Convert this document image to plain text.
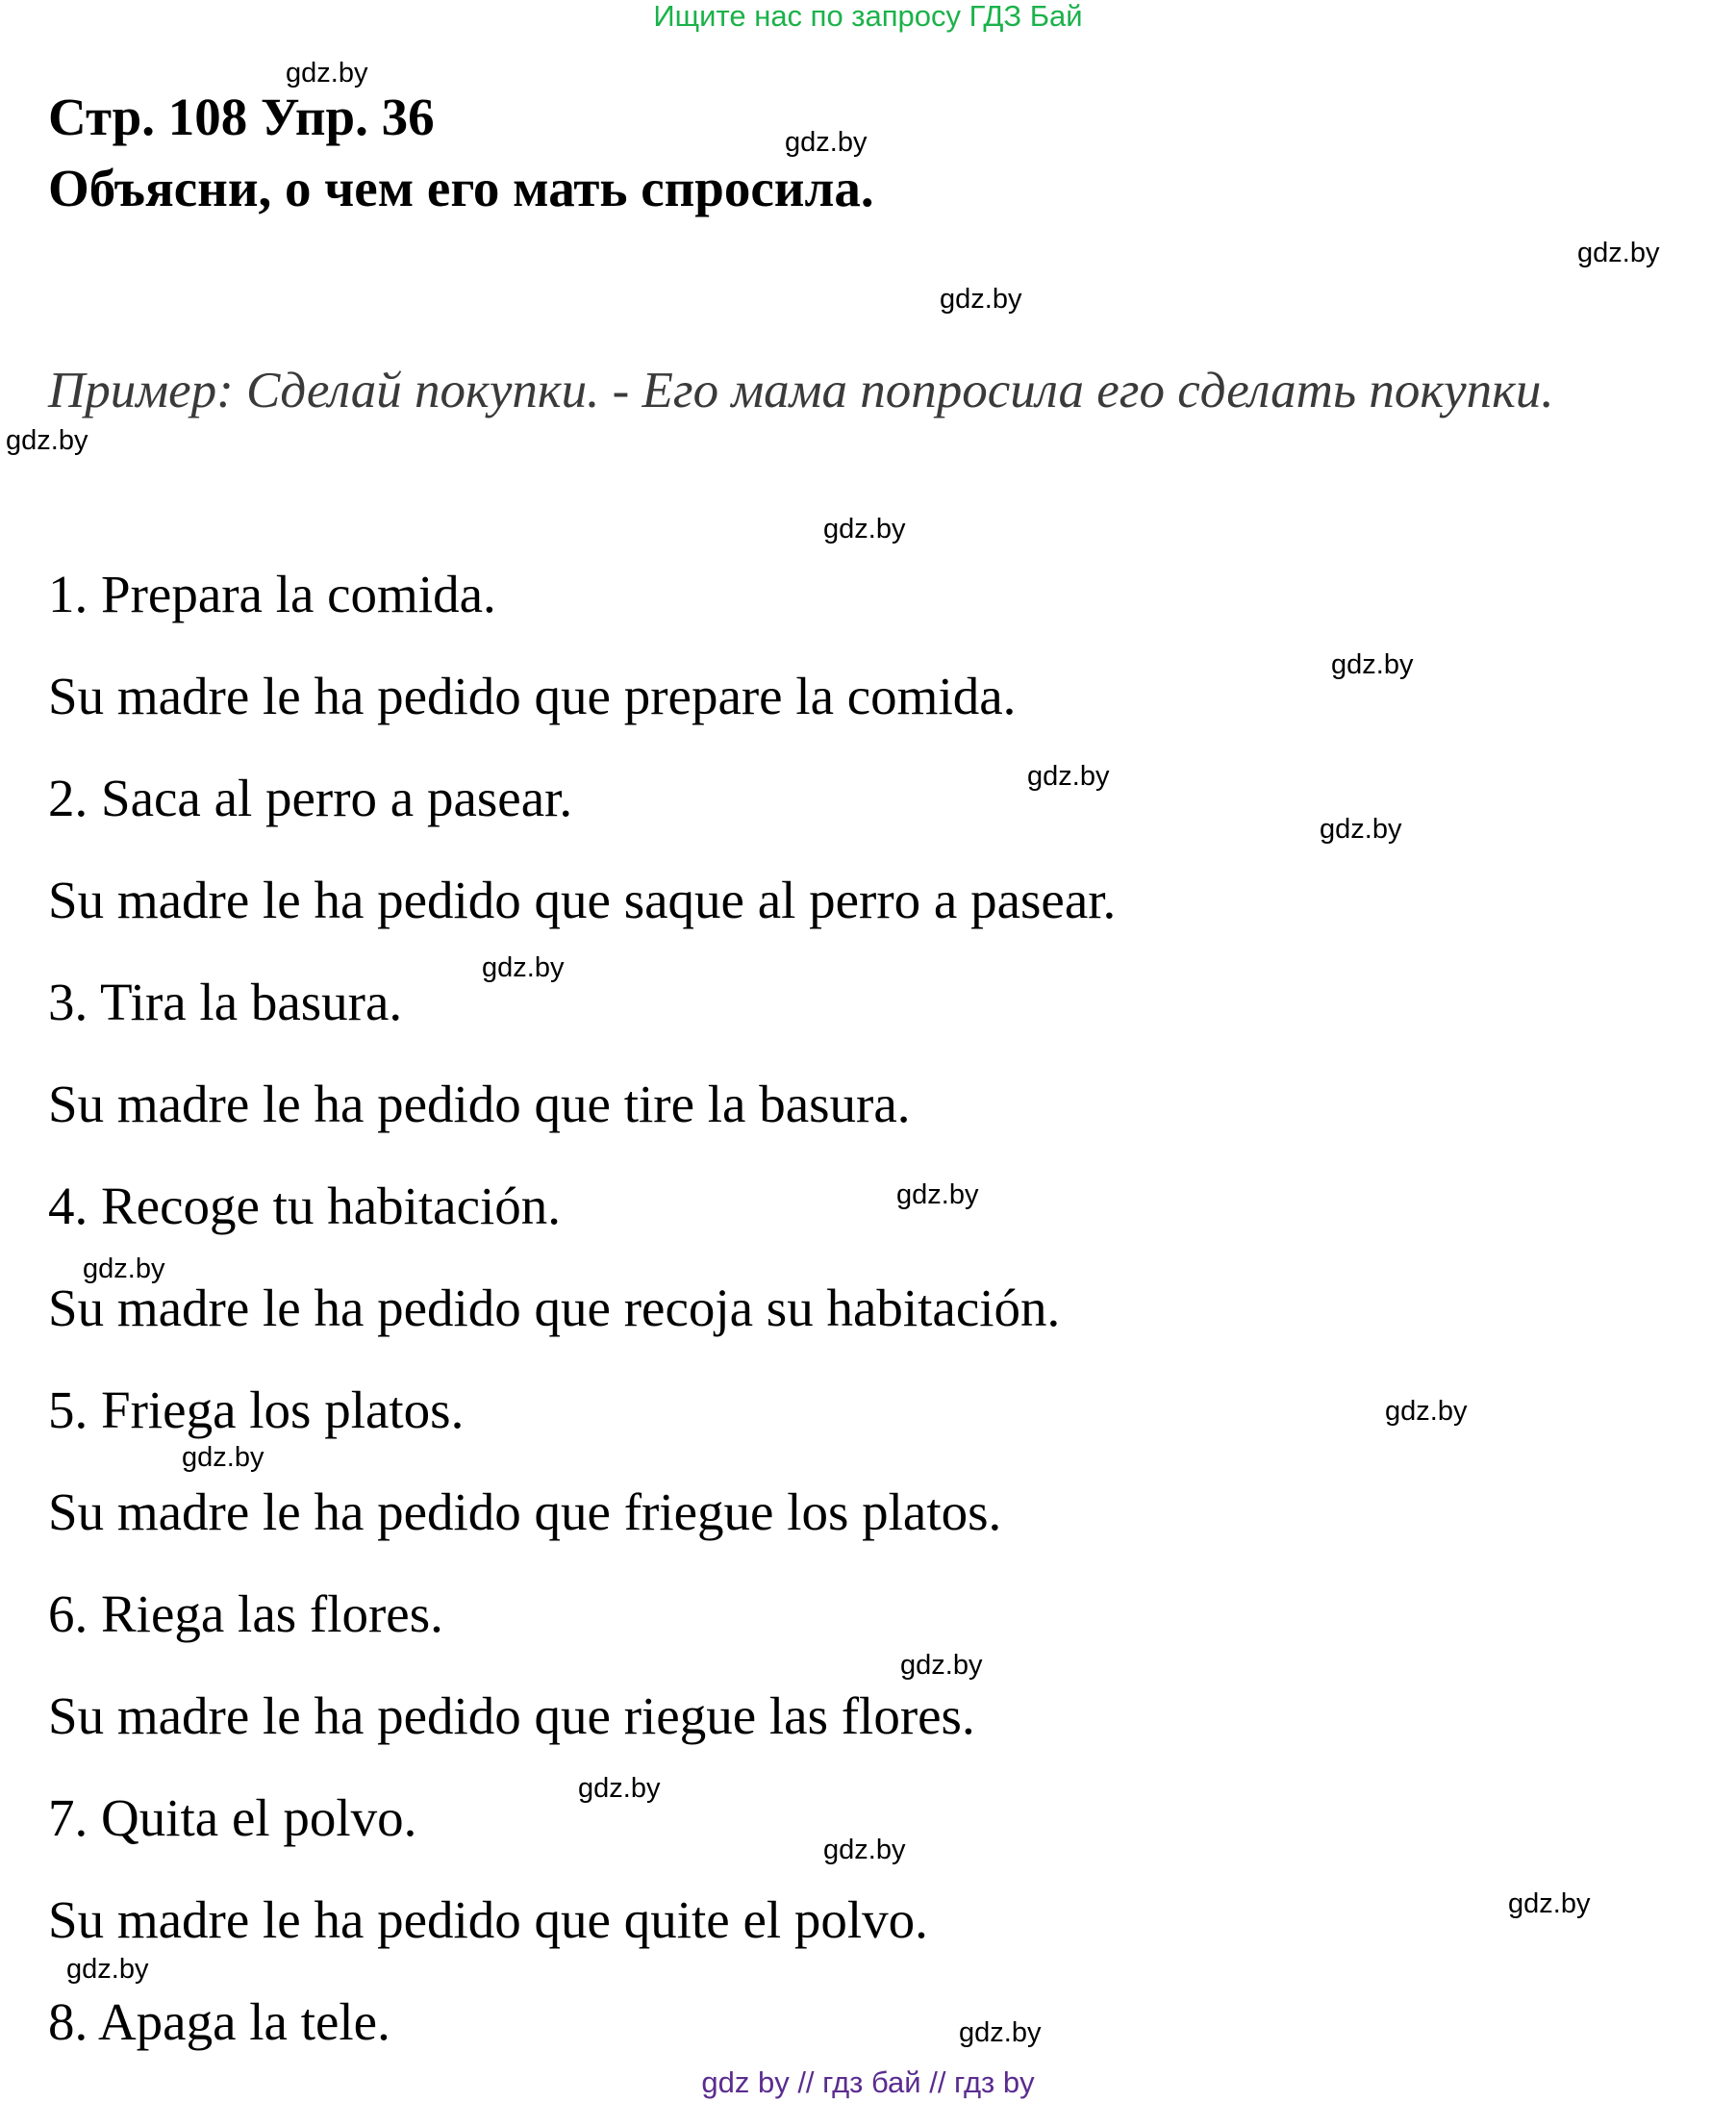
Ищите нас по запросу ГДЗ Бай
Стр. 108 Упр. 36
Объясни, о чем его мать спросила.
Пример: Сделай покупки. - Его мама попросила его сделать покупки.
1. Prepara la comida.
Su madre le ha pedido que prepare la comida.
2. Saca al perro a pasear.
Su madre le ha pedido que saque al perro a pasear.
3. Tira la basura.
Su madre le ha pedido que tire la basura.
4. Recoge tu habitación.
Su madre le ha pedido que recoja su habitación.
5. Friega los platos.
Su madre le ha pedido que friegue los platos.
6. Riega las flores.
Su madre le ha pedido que riegue las flores.
7. Quita el polvo.
Su madre le ha pedido que quite el polvo.
8. Apaga la tele.
gdz.by
gdz.by
gdz.by
gdz.by
gdz.by
gdz.by
gdz.by
gdz.by
gdz.by
gdz.by
gdz.by
gdz.by
gdz.by
gdz.by
gdz.by
gdz.by
gdz.by
gdz.by
gdz.by
gdz.by
gdz by // гдз бай // гдз by
